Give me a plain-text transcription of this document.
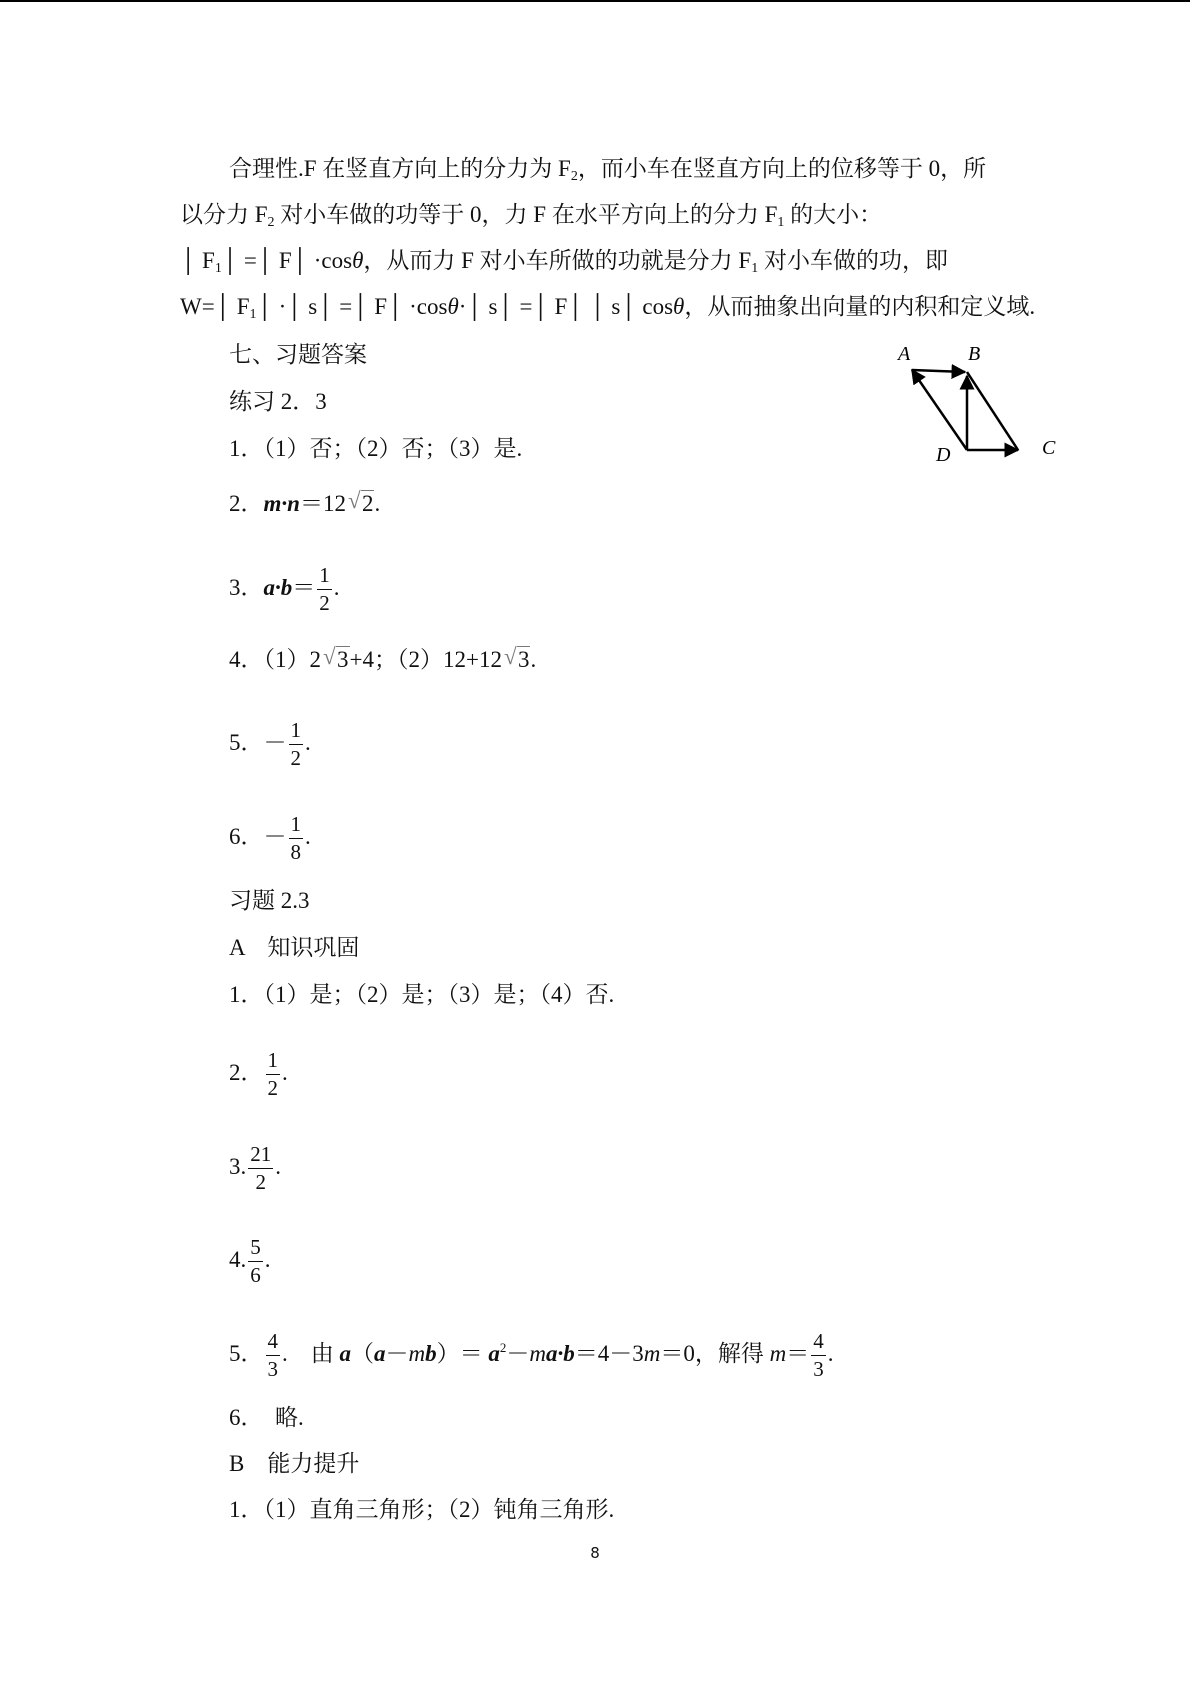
合理性.F 在竖直方向上的分力为 $F_2$，而小车在竖直方向上的位移等于 0，所
以分力 $F_2$ 对小车做的功等于 0，力 F 在水平方向上的分力 $F_1$ 的大小：
│ $F_1│$ =│ F│ ·cosθ，从而力 F 对小车所做的功就是分力 $F_1$ 对小车做的功，即
W=│ $F_1│$ ·│ s│ =│ F│ ·cosθ·│ s│ =│ F│ │ s│ cosθ，从而抽象出向量的内积和定义域.
七、习题答案	A	B
C
D
练习 2．3
1．（1）否；（2）否；（3）是.
2．m·n＝12 √ 2.
3．$a\cdot b= \frac{1}{2}$ .
4．（1）2 √ 3+4；（2）12+12 √ 3.
5．－ $\frac{1}{2}$ .
6．－ $\frac{1}{8}$ .
习题 2.3
A　知识巩固
1．（1）是；（2）是；（3）是；（4）否.
2． $\frac{1}{2}$ .
3. $\frac{21}{2}$ .
4. $\frac{5}{6}$ .
5． $\frac{4}{3}$ .　由 $a(a-mb)= a^2-ma\cdot b=4-3m=0$，解得 $m= \frac{4}{3}$ .
6．　略.
B　能力提升
1．（1）直角三角形；（2）钝角三角形.
8
